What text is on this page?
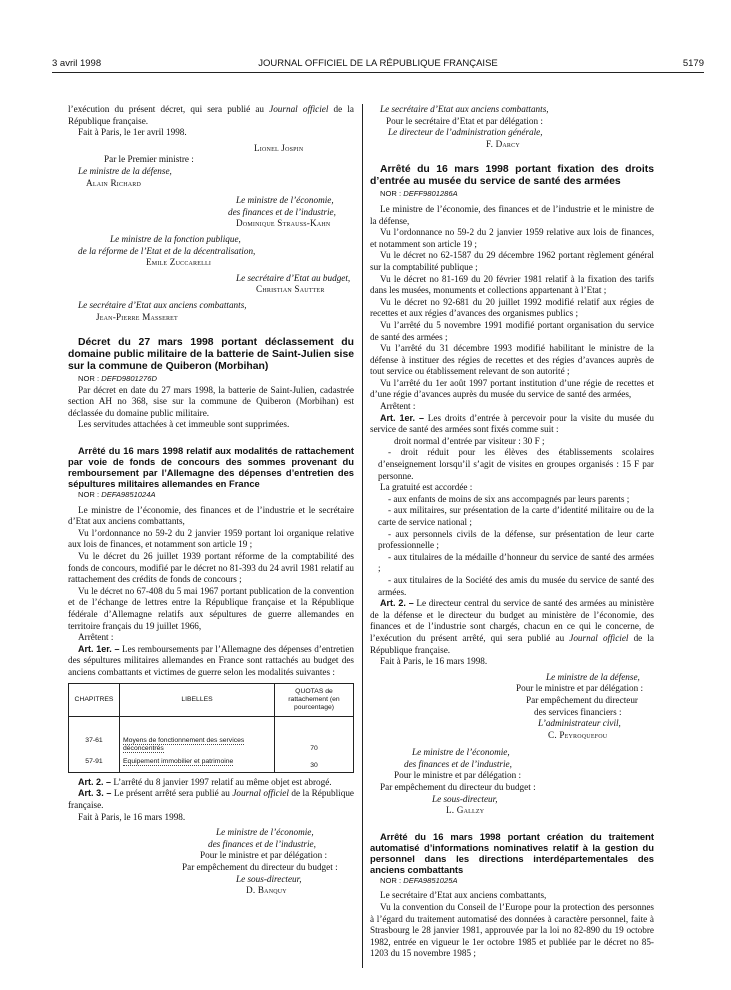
3 avril 1998	JOURNAL OFFICIEL DE LA RÉPUBLIQUE FRANÇAISE	5179

l’exécution du présent décret, qui sera publié au Journal officiel de la République française.

Fait à Paris, le 1er avril 1998.

Lionel Jospin

Par le Premier ministre :

Le ministre de la défense,

Alain Richard

Le ministre de l’économie,

des finances et de l’industrie,

Dominique Strauss-Kahn

Le ministre de la fonction publique,

de la réforme de l’Etat et de la décentralisation,

Emile Zuccarelli

Le secrétaire d’Etat au budget,

Christian Sautter

Le secrétaire d’Etat aux anciens combattants,

Jean-Pierre Masseret

Décret du 27 mars 1998 portant déclassement du domaine public militaire de la batterie de Saint-Julien sise sur la commune de Quiberon (Morbihan)

NOR : DEFD9801276D

Par décret en date du 27 mars 1998, la batterie de Saint-Julien, cadastrée section AH no 368, sise sur la commune de Quiberon (Morbihan) est déclassée du domaine public militaire.

Les servitudes attachées à cet immeuble sont supprimées.

Arrêté du 16 mars 1998 relatif aux modalités de rattachement par voie de fonds de concours des sommes provenant du remboursement par l’Allemagne des dépenses d’entretien des sépultures militaires allemandes en France

NOR : DEFA9851024A

Le ministre de l’économie, des finances et de l’industrie et le secrétaire d’Etat aux anciens combattants,

Vu l’ordonnance no 59-2 du 2 janvier 1959 portant loi organique relative aux lois de finances, et notamment son article 19 ;

Vu le décret du 26 juillet 1939 portant réforme de la comptabilité des fonds de concours, modifié par le décret no 81-393 du 24 avril 1981 relatif au rattachement des crédits de fonds de concours ;

Vu le décret no 67-408 du 5 mai 1967 portant publication de la convention et de l’échange de lettres entre la République française et la République fédérale d’Allemagne relatifs aux sépultures de guerre allemandes en territoire français du 19 juillet 1966,

Arrêtent :

Art. 1er. – Les remboursements par l’Allemagne des dépenses d’entretien des sépultures militaires allemandes en France sont rattachés au budget des anciens combattants et victimes de guerre selon les modalités suivantes :

CHAPITRES	LIBELLES	QUOTAS de rattachement (en pourcentage)

37-61	Moyens de fonctionnement des services déconcentrés	70
57-91	Equipement immobilier et patrimoine	30

Art. 2. – L’arrêté du 8 janvier 1997 relatif au même objet est abrogé.

Art. 3. – Le présent arrêté sera publié au Journal officiel de la République française.

Fait à Paris, le 16 mars 1998.

Le ministre de l’économie,

des finances et de l’industrie,

Pour le ministre et par délégation :

Par empêchement du directeur du budget :

Le sous-directeur,

D. Banquy

Le secrétaire d’Etat aux anciens combattants,

Pour le secrétaire d’Etat et par délégation :

Le directeur de l’administration générale,

F. Darcy

Arrêté du 16 mars 1998 portant fixation des droits d’entrée au musée du service de santé des armées

NOR : DEFF9801286A

Le ministre de l’économie, des finances et de l’industrie et le ministre de la défense,

Vu l’ordonnance no 59-2 du 2 janvier 1959 relative aux lois de finances, et notamment son article 19 ;

Vu le décret no 62-1587 du 29 décembre 1962 portant règlement général sur la comptabilité publique ;

Vu le décret no 81-169 du 20 février 1981 relatif à la fixation des tarifs dans les musées, monuments et collections appartenant à l’Etat ;

Vu le décret no 92-681 du 20 juillet 1992 modifié relatif aux régies de recettes et aux régies d’avances des organismes publics ;

Vu l’arrêté du 5 novembre 1991 modifié portant organisation du service de santé des armées ;

Vu l’arrêté du 31 décembre 1993 modifié habilitant le ministre de la défense à instituer des régies de recettes et des régies d’avances auprès de tout service ou établissement relevant de son autorité ;

Vu l’arrêté du 1er août 1997 portant institution d’une régie de recettes et d’une régie d’avances auprès du musée du service de santé des armées,

Arrêtent :

Art. 1er. – Les droits d’entrée à percevoir pour la visite du musée du service de santé des armées sont fixés comme suit :

droit normal d’entrée par visiteur : 30 F ;

- droit réduit pour les élèves des établissements scolaires d’enseignement lorsqu’il s’agit de visites en groupes organisés : 15 F par personne.

La gratuité est accordée :

- aux enfants de moins de six ans accompagnés par leurs parents ;

- aux militaires, sur présentation de la carte d’identité militaire ou de la carte de service national ;

- aux personnels civils de la défense, sur présentation de leur carte professionnelle ;

- aux titulaires de la médaille d’honneur du service de santé des armées ;

- aux titulaires de la Société des amis du musée du service de santé des armées.

Art. 2. – Le directeur central du service de santé des armées au ministère de la défense et le directeur du budget au ministère de l’économie, des finances et de l’industrie sont chargés, chacun en ce qui le concerne, de l’exécution du présent arrêté, qui sera publié au Journal officiel de la République française.

Fait à Paris, le 16 mars 1998.

Le ministre de la défense,

Pour le ministre et par délégation :

Par empêchement du directeur

des services financiers :

L’administrateur civil,

C. Peyroquefou

Le ministre de l’économie,

des finances et de l’industrie,

Pour le ministre et par délégation :

Par empêchement du directeur du budget :

Le sous-directeur,

L. Gallzy

Arrêté du 16 mars 1998 portant création du traitement automatisé d’informations nominatives relatif à la gestion du personnel dans les directions interdépartementales des anciens combattants

NOR : DEFA9851025A

Le secrétaire d’Etat aux anciens combattants,

Vu la convention du Conseil de l’Europe pour la protection des personnes à l’égard du traitement automatisé des données à caractère personnel, faite à Strasbourg le 28 janvier 1981, approuvée par la loi no 82-890 du 19 octobre 1982, entrée en vigueur le 1er octobre 1985 et publiée par le décret no 85-1203 du 15 novembre 1985 ;
